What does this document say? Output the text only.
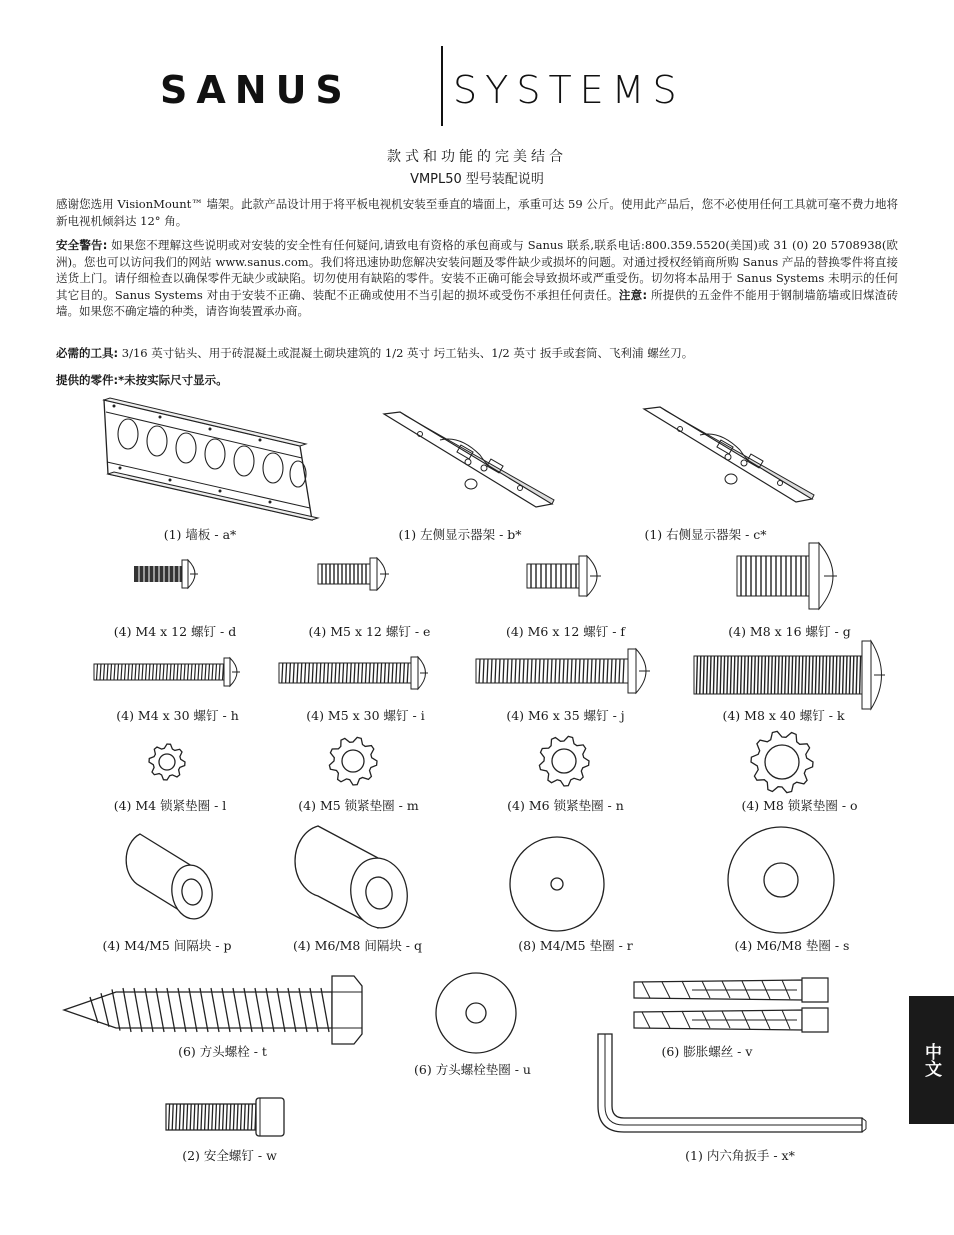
SANUS	SYSTEMS
款式和功能的完美结合
VMPL50 型号装配说明
感谢您选用 VisionMount™ 墙架。此款产品设计用于将平板电视机安装至垂直的墙面上，承重可达 59 公斤。使用此产品后，您不必使用任何工具就可毫不费力地将新电视机倾斜达 12° 角。
安全警告: 如果您不理解这些说明或对安装的安全性有任何疑问,请致电有资格的承包商或与 Sanus 联系,联系电话:800.359.5520(美国)或 31 (0) 20 5708938(欧洲)。您也可以访问我们的网站 www.sanus.com。我们将迅速协助您解决安装问题及零件缺少或损坏的问题。对通过授权经销商所购 Sanus 产品的替换零件将直接送货上门。请仔细检查以确保零件无缺少或缺陷。切勿使用有缺陷的零件。安装不正确可能会导致损坏或严重受伤。切勿将本品用于 Sanus Systems 未明示的任何其它目的。Sanus Systems 对由于安装不正确、装配不正确或使用不当引起的损坏或受伤不承担任何责任。注意: 所提供的五金件不能用于钢制墙筋墙或旧煤渣砖墙。如果您不确定墙的种类，请咨询装置承办商。
必需的工具: 3/16 英寸钻头、用于砖混凝土或混凝土砌块建筑的 1/2 英寸 圬工钻头、1/2 英寸 扳手或套筒、飞利浦 螺丝刀。
提供的零件:*未按实际尺寸显示。
(1) 墙板 - a*	(1) 左侧显示器架 - b*	(1) 右侧显示器架 - c*
(4) M4 x 12 螺钉 - d	(4) M5 x 12 螺钉 - e	(4) M6 x 12 螺钉 - f	(4) M8 x 16 螺钉 - g
(4) M4 x 30 螺钉 - h	(4) M5 x 30 螺钉 - i	(4) M6 x 35 螺钉 - j	(4) M8 x 40 螺钉 - k
(4) M4 锁紧垫圈 - l	(4) M5 锁紧垫圈 - m	(4) M6 锁紧垫圈 - n	(4) M8 锁紧垫圈 - o
(4) M4/M5 间隔块 - p	(4) M6/M8 间隔块 - q	(8) M4/M5 垫圈 - r	(4) M6/M8 垫圈 - s
(6) 方头螺栓 - t
(6) 方头螺栓垫圈 - u
(6) 膨胀螺丝 - v
(2) 安全螺钉 - w	(1) 内六角扳手 - x*
中文
